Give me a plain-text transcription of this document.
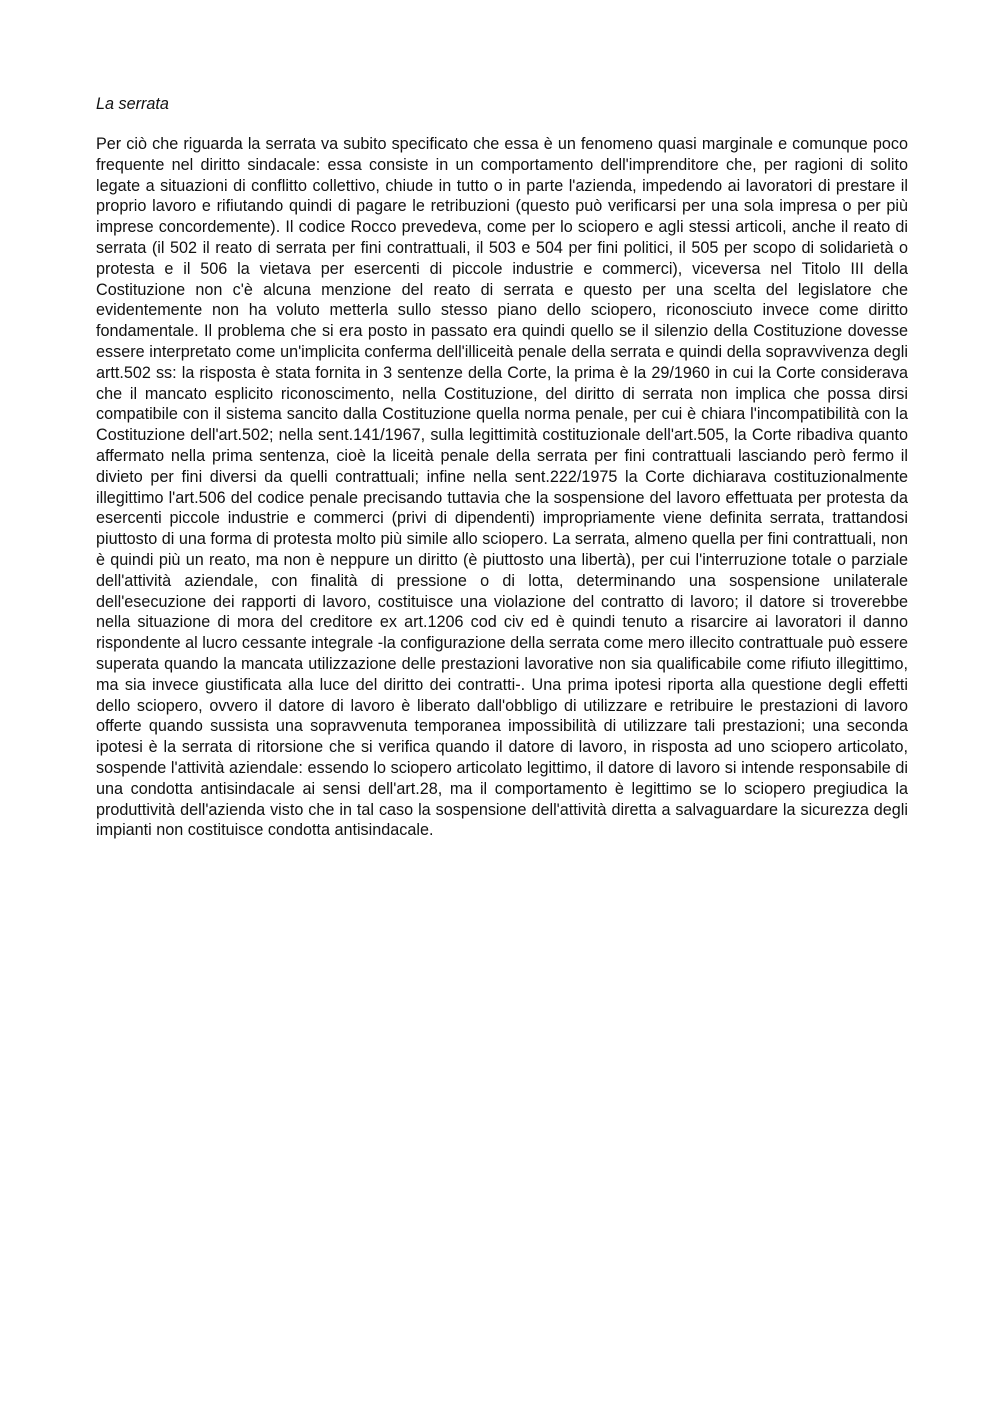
La serrata

Per ciò che riguarda la serrata va subito specificato che essa è un fenomeno quasi marginale e comunque poco frequente nel diritto sindacale: essa consiste in un comportamento dell'imprenditore che, per ragioni di solito legate a situazioni di conflitto collettivo, chiude in tutto o in parte l'azienda, impedendo ai lavoratori di prestare il proprio lavoro e rifiutando quindi di pagare le retribuzioni (questo può verificarsi per una sola impresa o per più imprese concordemente). Il codice Rocco prevedeva, come per lo sciopero e agli stessi articoli, anche il reato di serrata (il 502 il reato di serrata per fini contrattuali, il 503 e 504 per fini politici, il 505 per scopo di solidarietà o protesta e il 506 la vietava per esercenti di piccole industrie e commerci), viceversa nel Titolo III della Costituzione non c'è alcuna menzione del reato di serrata e questo per una scelta del legislatore che evidentemente non ha voluto metterla sullo stesso piano dello sciopero, riconosciuto invece come diritto fondamentale. Il problema che si era posto in passato era quindi quello se il silenzio della Costituzione dovesse essere interpretato come un'implicita conferma dell'illiceità penale della serrata e quindi della sopravvivenza degli artt.502 ss: la risposta è stata fornita in 3 sentenze della Corte, la prima è la 29/1960 in cui la Corte considerava che il mancato esplicito riconoscimento, nella Costituzione, del diritto di serrata non implica che possa dirsi compatibile con il sistema sancito dalla Costituzione quella norma penale, per cui è chiara l'incompatibilità con la Costituzione dell'art.502; nella sent.141/1967, sulla legittimità costituzionale dell'art.505, la Corte ribadiva quanto affermato nella prima sentenza, cioè la liceità penale della serrata per fini contrattuali lasciando però fermo il divieto per fini diversi da quelli contrattuali; infine nella sent.222/1975 la Corte dichiarava costituzionalmente illegittimo l'art.506 del codice penale precisando tuttavia che la sospensione del lavoro effettuata per protesta da esercenti piccole industrie e commerci (privi di dipendenti) impropriamente viene definita serrata, trattandosi piuttosto di una forma di protesta molto più simile allo sciopero. La serrata, almeno quella per fini contrattuali, non è quindi più un reato, ma non è neppure un diritto (è piuttosto una libertà), per cui l'interruzione totale o parziale dell'attività aziendale, con finalità di pressione o di lotta, determinando una sospensione unilaterale dell'esecuzione dei rapporti di lavoro, costituisce una violazione del contratto di lavoro; il datore si troverebbe nella situazione di mora del creditore ex art.1206 cod civ ed è quindi tenuto a risarcire ai lavoratori il danno rispondente al lucro cessante integrale -la configurazione della serrata come mero illecito contrattuale può essere superata quando la mancata utilizzazione delle prestazioni lavorative non sia qualificabile come rifiuto illegittimo, ma sia invece giustificata alla luce del diritto dei contratti-. Una prima ipotesi riporta alla questione degli effetti dello sciopero, ovvero il datore di lavoro è liberato dall'obbligo di utilizzare e retribuire le prestazioni di lavoro offerte quando sussista una sopravvenuta temporanea impossibilità di utilizzare tali prestazioni; una seconda ipotesi è la serrata di ritorsione che si verifica quando il datore di lavoro, in risposta ad uno sciopero articolato, sospende l'attività aziendale: essendo lo sciopero articolato legittimo, il datore di lavoro si intende responsabile di una condotta antisindacale ai sensi dell'art.28, ma il comportamento è legittimo se lo sciopero pregiudica la produttività dell'azienda visto che in tal caso la sospensione dell'attività diretta a salvaguardare la sicurezza degli impianti non costituisce condotta antisindacale.
